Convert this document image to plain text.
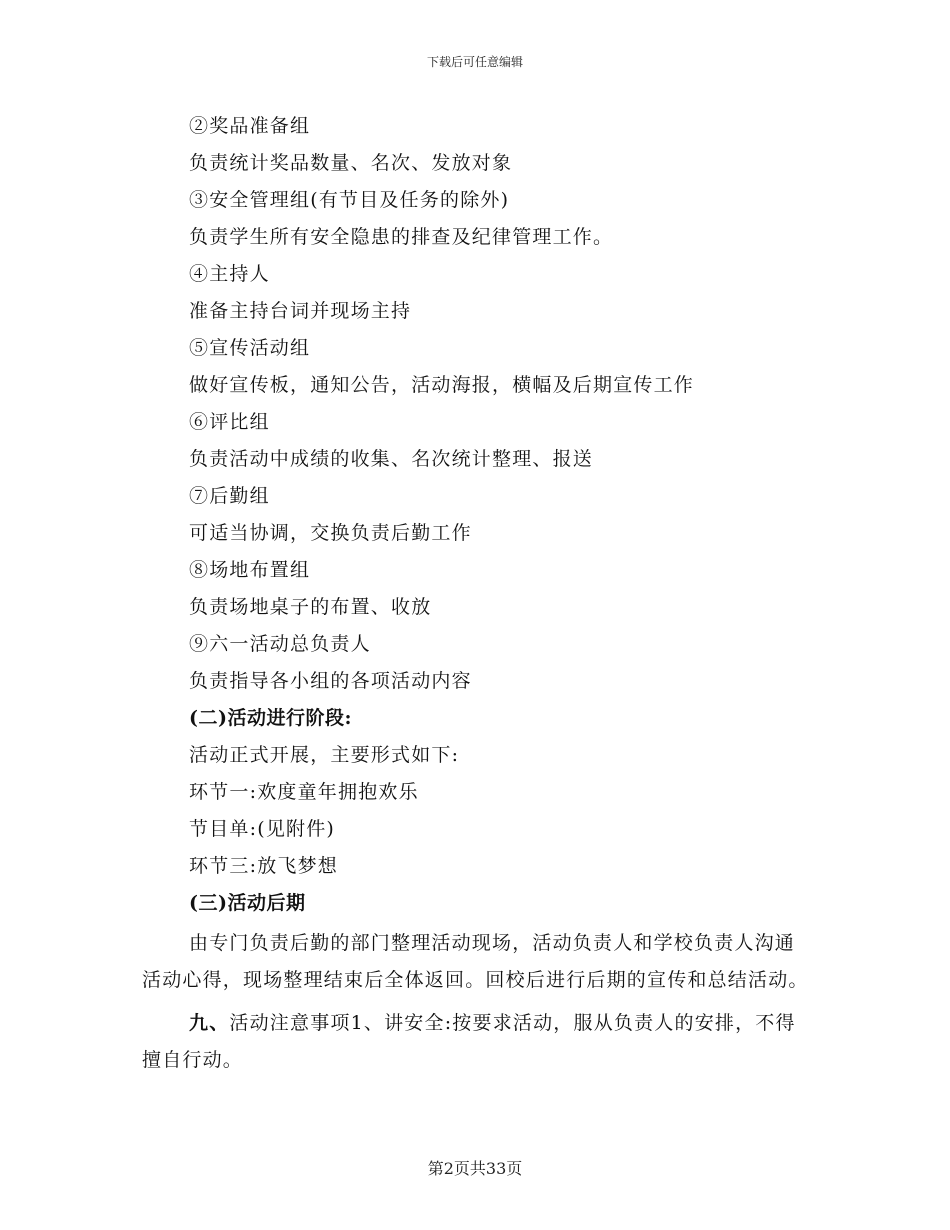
下载后可任意编辑
②奖品准备组
负责统计奖品数量、名次、发放对象
③安全管理组(有节目及任务的除外)
负责学生所有安全隐患的排查及纪律管理工作。
④主持人
准备主持台词并现场主持
⑤宣传活动组
做好宣传板，通知公告，活动海报，横幅及后期宣传工作
⑥评比组
负责活动中成绩的收集、名次统计整理、报送
⑦后勤组
可适当协调，交换负责后勤工作
⑧场地布置组
负责场地桌子的布置、收放
⑨六一活动总负责人
负责指导各小组的各项活动内容
(二)活动进行阶段:
活动正式开展，主要形式如下:
环节一:欢度童年拥抱欢乐
节目单:(见附件)
环节三:放飞梦想
(三)活动后期
由专门负责后勤的部门整理活动现场，活动负责人和学校负责人沟通活动心得，现场整理结束后全体返回。回校后进行后期的宣传和总结活动。
九、活动注意事项1、讲安全:按要求活动，服从负责人的安排，不得擅自行动。
第2页共33页
